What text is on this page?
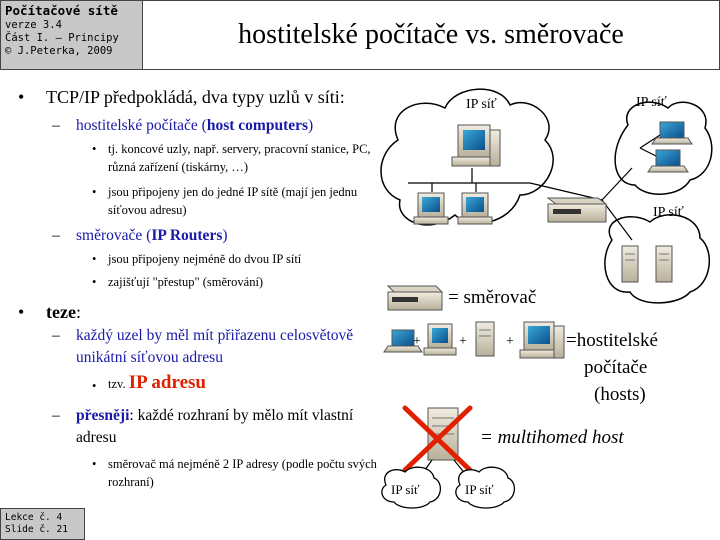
Počítačové sítě
verze 3.4
Část I. – Principy
© J.Peterka, 2009
hostitelské počítače vs. směrovače
• TCP/IP předpokládá, dva typy uzlů v síti:
– hostitelské počítače (host computers)
• tj. koncové uzly, např. servery, pracovní stanice, PC, různá zařízení (tiskárny, …)
• jsou připojeny jen do jedné IP sítě (mají jen jednu síťovou adresu)
– směrovače (IP Routers)
• jsou připojeny nejméně do dvou IP sítí
• zajišťují "přestup" (směrování)
• teze:
– každý uzel by měl mít přiřazenu celosvětově unikátní síťovou adresu
• tzv. IP adresu
– přesněji: každé rozhraní by mělo mít vlastní adresu
• směrovač má nejméně 2 IP adresy (podle počtu svých rozhraní)
IP síť	IP síť
IP síť
= směrovač
+	+	+	=hostitelské
počítače
(hosts)
= multihomed host
IP síť	IP síť
Lekce č. 4
Slide č. 21
